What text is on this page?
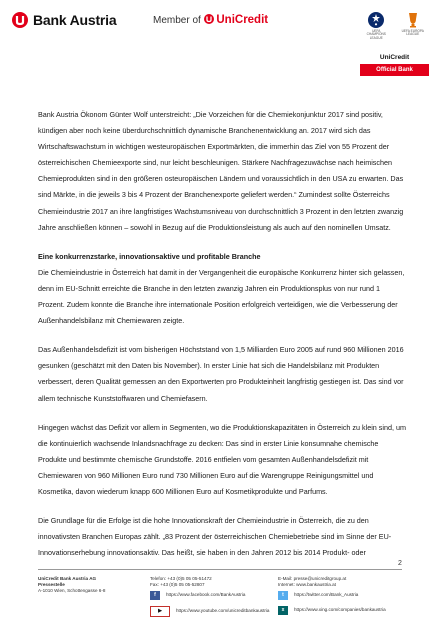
Bank Austria	Member of UniCredit
UEFA CHAMPIONS LEAGUE
UEFA EUROPA LEAGUE
UniCredit
Official Bank

Bank Austria Ökonom Günter Wolf unterstreicht: „Die Vorzeichen für die Chemiekonjunktur 2017 sind positiv, kündigen aber noch keine überdurchschnittlich dynamische Branchenentwicklung an. 2017 wird sich das Wirtschaftswachstum in wichtigen westeuropäischen Exportmärkten, die immerhin das Ziel von 55 Prozent der österreichischen Chemieexporte sind, nur leicht beschleunigen. Stärkere Nachfragezuwächse nach heimischen Chemieprodukten sind in den größeren osteuropäischen Ländern und voraussichtlich in den USA zu erwarten. Das sind Märkte, in die jeweils 3 bis 4 Prozent der Branchenexporte geliefert werden.“ Zumindest sollte Österreichs Chemieindustrie 2017 an ihre langfristiges Wachstumsniveau von durchschnittlich 3 Prozent in den letzten zwanzig Jahre anschließen können – sowohl in Bezug auf die Produktionsleistung als auch auf den nominellen Umsatz.

Eine konkurrenzstarke, innovationsaktive und profitable Branche

Die Chemieindustrie in Österreich hat damit in der Vergangenheit die europäische Konkurrenz hinter sich gelassen, denn im EU-Schnitt erreichte die Branche in den letzten zwanzig Jahren ein Produktionsplus von nur rund 1 Prozent. Zudem konnte die Branche ihre internationale Position erfolgreich verteidigen, wie die Verbesserung der Außenhandelsbilanz mit Chemiewaren zeigte.

Das Außenhandelsdefizit ist vom bisherigen Höchststand von 1,5 Milliarden Euro 2005 auf rund 960 Millionen 2016 gesunken (geschätzt mit den Daten bis November). In erster Linie hat sich die Handelsbilanz mit Produkten verbessert, deren Qualität gemessen an den Exportwerten pro Produkteinheit langfristig gestiegen ist. Das sind vor allem technische Kunststoffwaren und Chemiefasern.

Hingegen wächst das Defizit vor allem in Segmenten, wo die Produktionskapazitäten in Österreich zu klein sind, um die kontinuierlich wachsende Inlandsnachfrage zu decken: Das sind in erster Linie konsumnahe chemische Produkte und bestimmte chemische Grundstoffe. 2016 entfielen vom gesamten Außenhandelsdefizit mit Chemiewaren von 960 Millionen Euro rund 730 Millionen Euro auf die Warengruppe Reinigungsmittel und Kosmetika, davon wiederum knapp 600 Millionen Euro auf Kosmetikprodukte und Parfums.

Die Grundlage für die Erfolge ist die hohe Innovationskraft der Chemieindustrie in Österreich, die zu den innovativsten Branchen Europas zählt. „83 Prozent der österreichischen Chemiebetriebe sind im Sinne der EU-Innovationserhebung innovationsaktiv. Das heißt, sie haben in den Jahren 2012 bis 2014 Produkt- oder

2
UniCredit Bank Austria AG
Pressestelle
A-1010 Wien, Schottengasse 6-8
Telefon: +43 (0)5 05 05-51472
Fax: +43 (0)5 05 05-52807
E-Mail: presse@unicreditgroup.at
Internet: www.bankaustria.at
f	https://www.facebook.com/BankAustria	t	https://twitter.com/Bank_Austria
▶	https://www.youtube.com/unicreditbankaustria	x	https://www.xing.com/companies/bankaustria
